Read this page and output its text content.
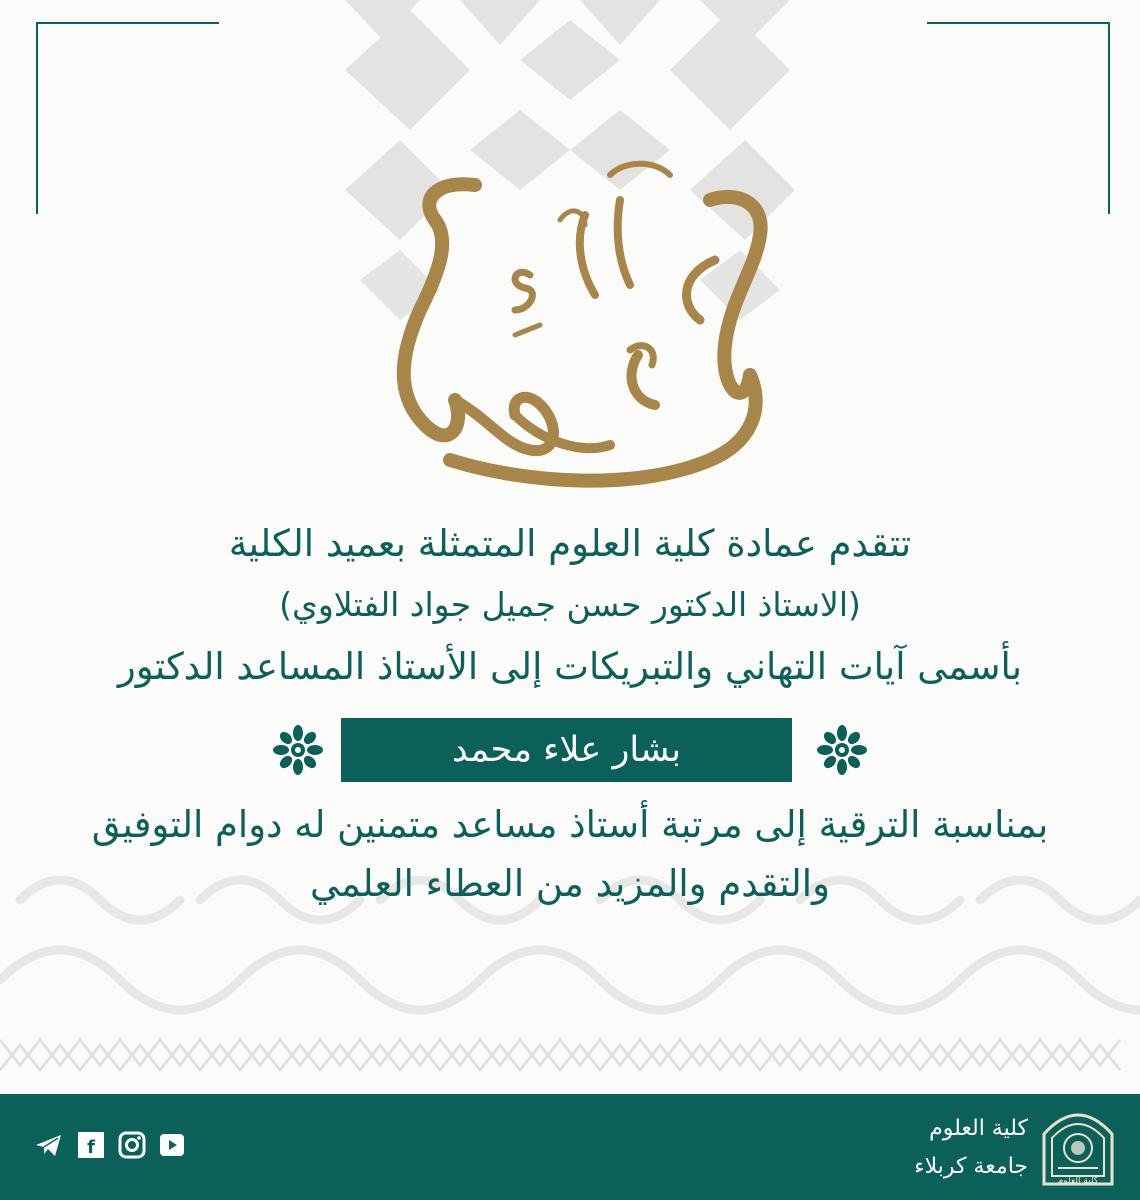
تتقدم عمادة كلية العلوم المتمثلة بعميد الكلية
(الاستاذ الدكتور حسن جميل جواد الفتلاوي)
بأسمى آيات التهاني والتبريكات إلى الأستاذ المساعد الدكتور
بشار علاء محمد
بمناسبة الترقية إلى مرتبة أستاذ مساعد متمنين له دوام التوفيق
والتقدم والمزيد من العطاء العلمي
f
كلية العلوم
جامعة كربلاء
كلية العلوم
